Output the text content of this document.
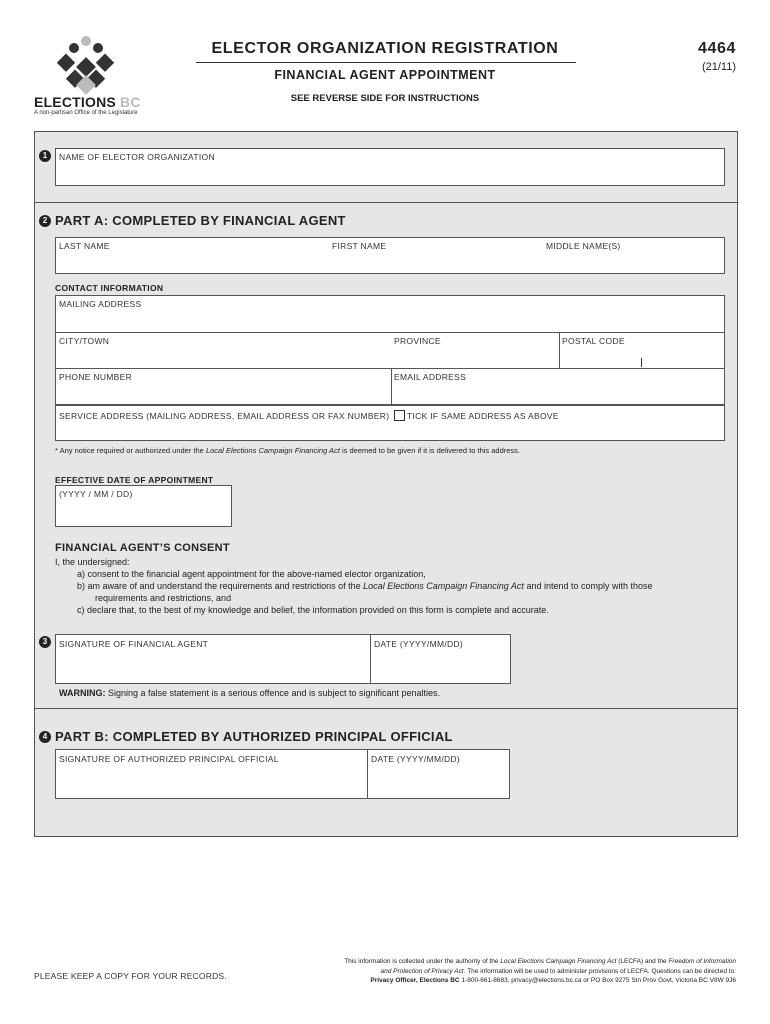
ELECTIONS BC
A non-partisan Office of the Legislature
ELECTOR ORGANIZATION REGISTRATION
FINANCIAL AGENT APPOINTMENT
SEE REVERSE SIDE FOR INSTRUCTIONS
4464
(21/11)
1	NAME OF ELECTOR ORGANIZATION
2 PART A: COMPLETED BY FINANCIAL AGENT
LAST NAME	FIRST NAME	MIDDLE NAME(S)
CONTACT INFORMATION
MAILING ADDRESS
CITY/TOWN	PROVINCE	POSTAL CODE
PHONE NUMBER	EMAIL ADDRESS
SERVICE ADDRESS (MAILING ADDRESS, EMAIL ADDRESS OR FAX NUMBER) TICK IF SAME ADDRESS AS ABOVE
* Any notice required or authorized under the Local Elections Campaign Financing Act is deemed to be given if it is delivered to this address.
EFFECTIVE DATE OF APPOINTMENT
(YYYY / MM / DD)
FINANCIAL AGENT’S CONSENT
I, the undersigned:
a) consent to the financial agent appointment for the above-named elector organization,
b) am aware of and understand the requirements and restrictions of the Local Elections Campaign Financing Act and intend to comply with those
requirements and restrictions, and
c) declare that, to the best of my knowledge and belief, the information provided on this form is complete and accurate.
3	SIGNATURE OF FINANCIAL AGENT	DATE (YYYY/MM/DD)
WARNING: Signing a false statement is a serious offence and is subject to significant penalties.
4 PART B: COMPLETED BY AUTHORIZED PRINCIPAL OFFICIAL
SIGNATURE OF AUTHORIZED PRINCIPAL OFFICIAL	DATE (YYYY/MM/DD)
PLEASE KEEP A COPY FOR YOUR RECORDS.
This information is collected under the authority of the Local Elections Campaign Financing Act (LECFA) and the Freedom of Information
and Protection of Privacy Act. The information will be used to administer provisions of LECFA. Questions can be directed to:
Privacy Officer, Elections BC 1-800-661-8683, privacy@elections.bc.ca or PO Box 9275 Stn Prov Govt, Victoria BC V8W 9J6
